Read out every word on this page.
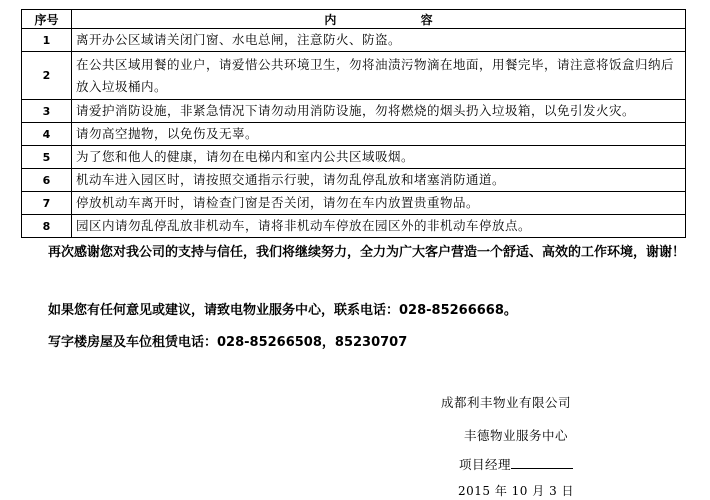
序号	内 容
1	离开办公区域请关闭门窗、水电总闸，注意防火、防盗。
2	在公共区域用餐的业户，请爱惜公共环境卫生，勿将油渍污物滴在地面，用餐完毕，请注意将饭盒归纳后放入垃圾桶内。
3	请爱护消防设施，非紧急情况下请勿动用消防设施，勿将燃烧的烟头扔入垃圾箱，以免引发火灾。
4	请勿高空抛物，以免伤及无辜。
5	为了您和他人的健康，请勿在电梯内和室内公共区域吸烟。
6	机动车进入园区时，请按照交通指示行驶，请勿乱停乱放和堵塞消防通道。
7	停放机动车离开时，请检查门窗是否关闭，请勿在车内放置贵重物品。
8	园区内请勿乱停乱放非机动车，请将非机动车停放在园区外的非机动车停放点。

再次感谢您对我公司的支持与信任，我们将继续努力，全力为广大客户营造一个舒适、高效的工作环境，谢谢！

如果您有任何意见或建议，请致电物业服务中心，联系电话：028-85266668。

写字楼房屋及车位租赁电话：028-85266508，85230707

成都利丰物业有限公司
丰德物业服务中心
项目经理
2015 年 10 月 3 日
